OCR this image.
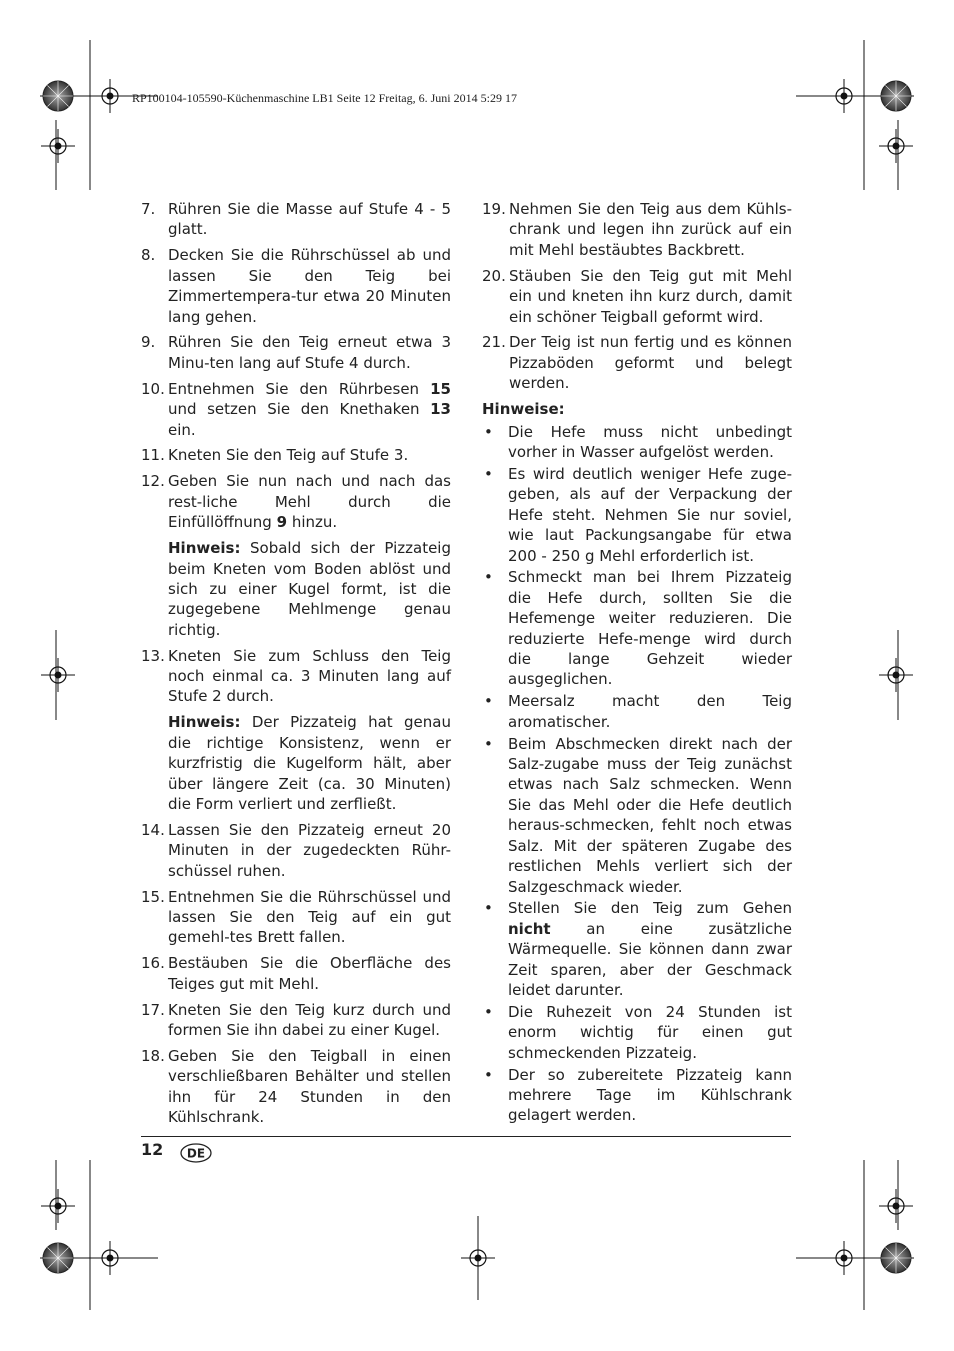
RP100104-105590-Küchenmaschine LB1 Seite 12 Freitag, 6. Juni 2014 5:29 17
7. Rühren Sie die Masse auf Stufe 4 - 5 glatt.
8. Decken Sie die Rührschüssel ab und lassen Sie den Teig bei Zimmertempera-tur etwa 20 Minuten lang gehen.
9. Rühren Sie den Teig erneut etwa 3 Minu-ten lang auf Stufe 4 durch.
10. Entnehmen Sie den Rührbesen 15 und setzen Sie den Knethaken 13 ein.
11. Kneten Sie den Teig auf Stufe 3.
12. Geben Sie nun nach und nach das rest-liche Mehl durch die Einfüllöffnung 9 hinzu.
Hinweis: Sobald sich der Pizzateig beim Kneten vom Boden ablöst und sich zu einer Kugel formt, ist die zugegebene Mehlmenge genau richtig.
13. Kneten Sie zum Schluss den Teig noch einmal ca. 3 Minuten lang auf Stufe 2 durch.
Hinweis: Der Pizzateig hat genau die richtige Konsistenz, wenn er kurzfristig die Kugelform hält, aber über längere Zeit (ca. 30 Minuten) die Form verliert und zerfließt.
14. Lassen Sie den Pizzateig erneut 20 Minuten in der zugedeckten Rühr-schüssel ruhen.
15. Entnehmen Sie die Rührschüssel und lassen Sie den Teig auf ein gut gemehl-tes Brett fallen.
16. Bestäuben Sie die Oberfläche des Teiges gut mit Mehl.
17. Kneten Sie den Teig kurz durch und formen Sie ihn dabei zu einer Kugel.
18. Geben Sie den Teigball in einen verschließbaren Behälter und stellen ihn für 24 Stunden in den Kühlschrank.
19. Nehmen Sie den Teig aus dem Kühls-chrank und legen ihn zurück auf ein mit Mehl bestäubtes Backbrett.
20. Stäuben Sie den Teig gut mit Mehl ein und kneten ihn kurz durch, damit ein schöner Teigball geformt wird.
21. Der Teig ist nun fertig und es können Pizzaböden geformt und belegt werden.
Hinweise:
•	Die Hefe muss nicht unbedingt vorher in Wasser aufgelöst werden.
•	Es wird deutlich weniger Hefe zuge-geben, als auf der Verpackung der Hefe steht. Nehmen Sie nur soviel, wie laut Packungsangabe für etwa 200 - 250 g Mehl erforderlich ist.
•	Schmeckt man bei Ihrem Pizzateig die Hefe durch, sollten Sie die Hefemenge weiter reduzieren. Die reduzierte Hefe-menge wird durch die lange Gehzeit wieder ausgeglichen.
•	Meersalz macht den Teig aromatischer.
•	Beim Abschmecken direkt nach der Salz-zugabe muss der Teig zunächst etwas nach Salz schmecken. Wenn Sie das Mehl oder die Hefe deutlich heraus-schmecken, fehlt noch etwas Salz. Mit der späteren Zugabe des restlichen Mehls verliert sich der Salzgeschmack wieder.
•	Stellen Sie den Teig zum Gehen nicht an eine zusätzliche Wärmequelle. Sie können dann zwar Zeit sparen, aber der Geschmack leidet darunter.
•	Die Ruhezeit von 24 Stunden ist enorm wichtig für einen gut schmeckenden Pizzateig.
•	Der so zubereitete Pizzateig kann mehrere Tage im Kühlschrank gelagert werden.
12 DE
